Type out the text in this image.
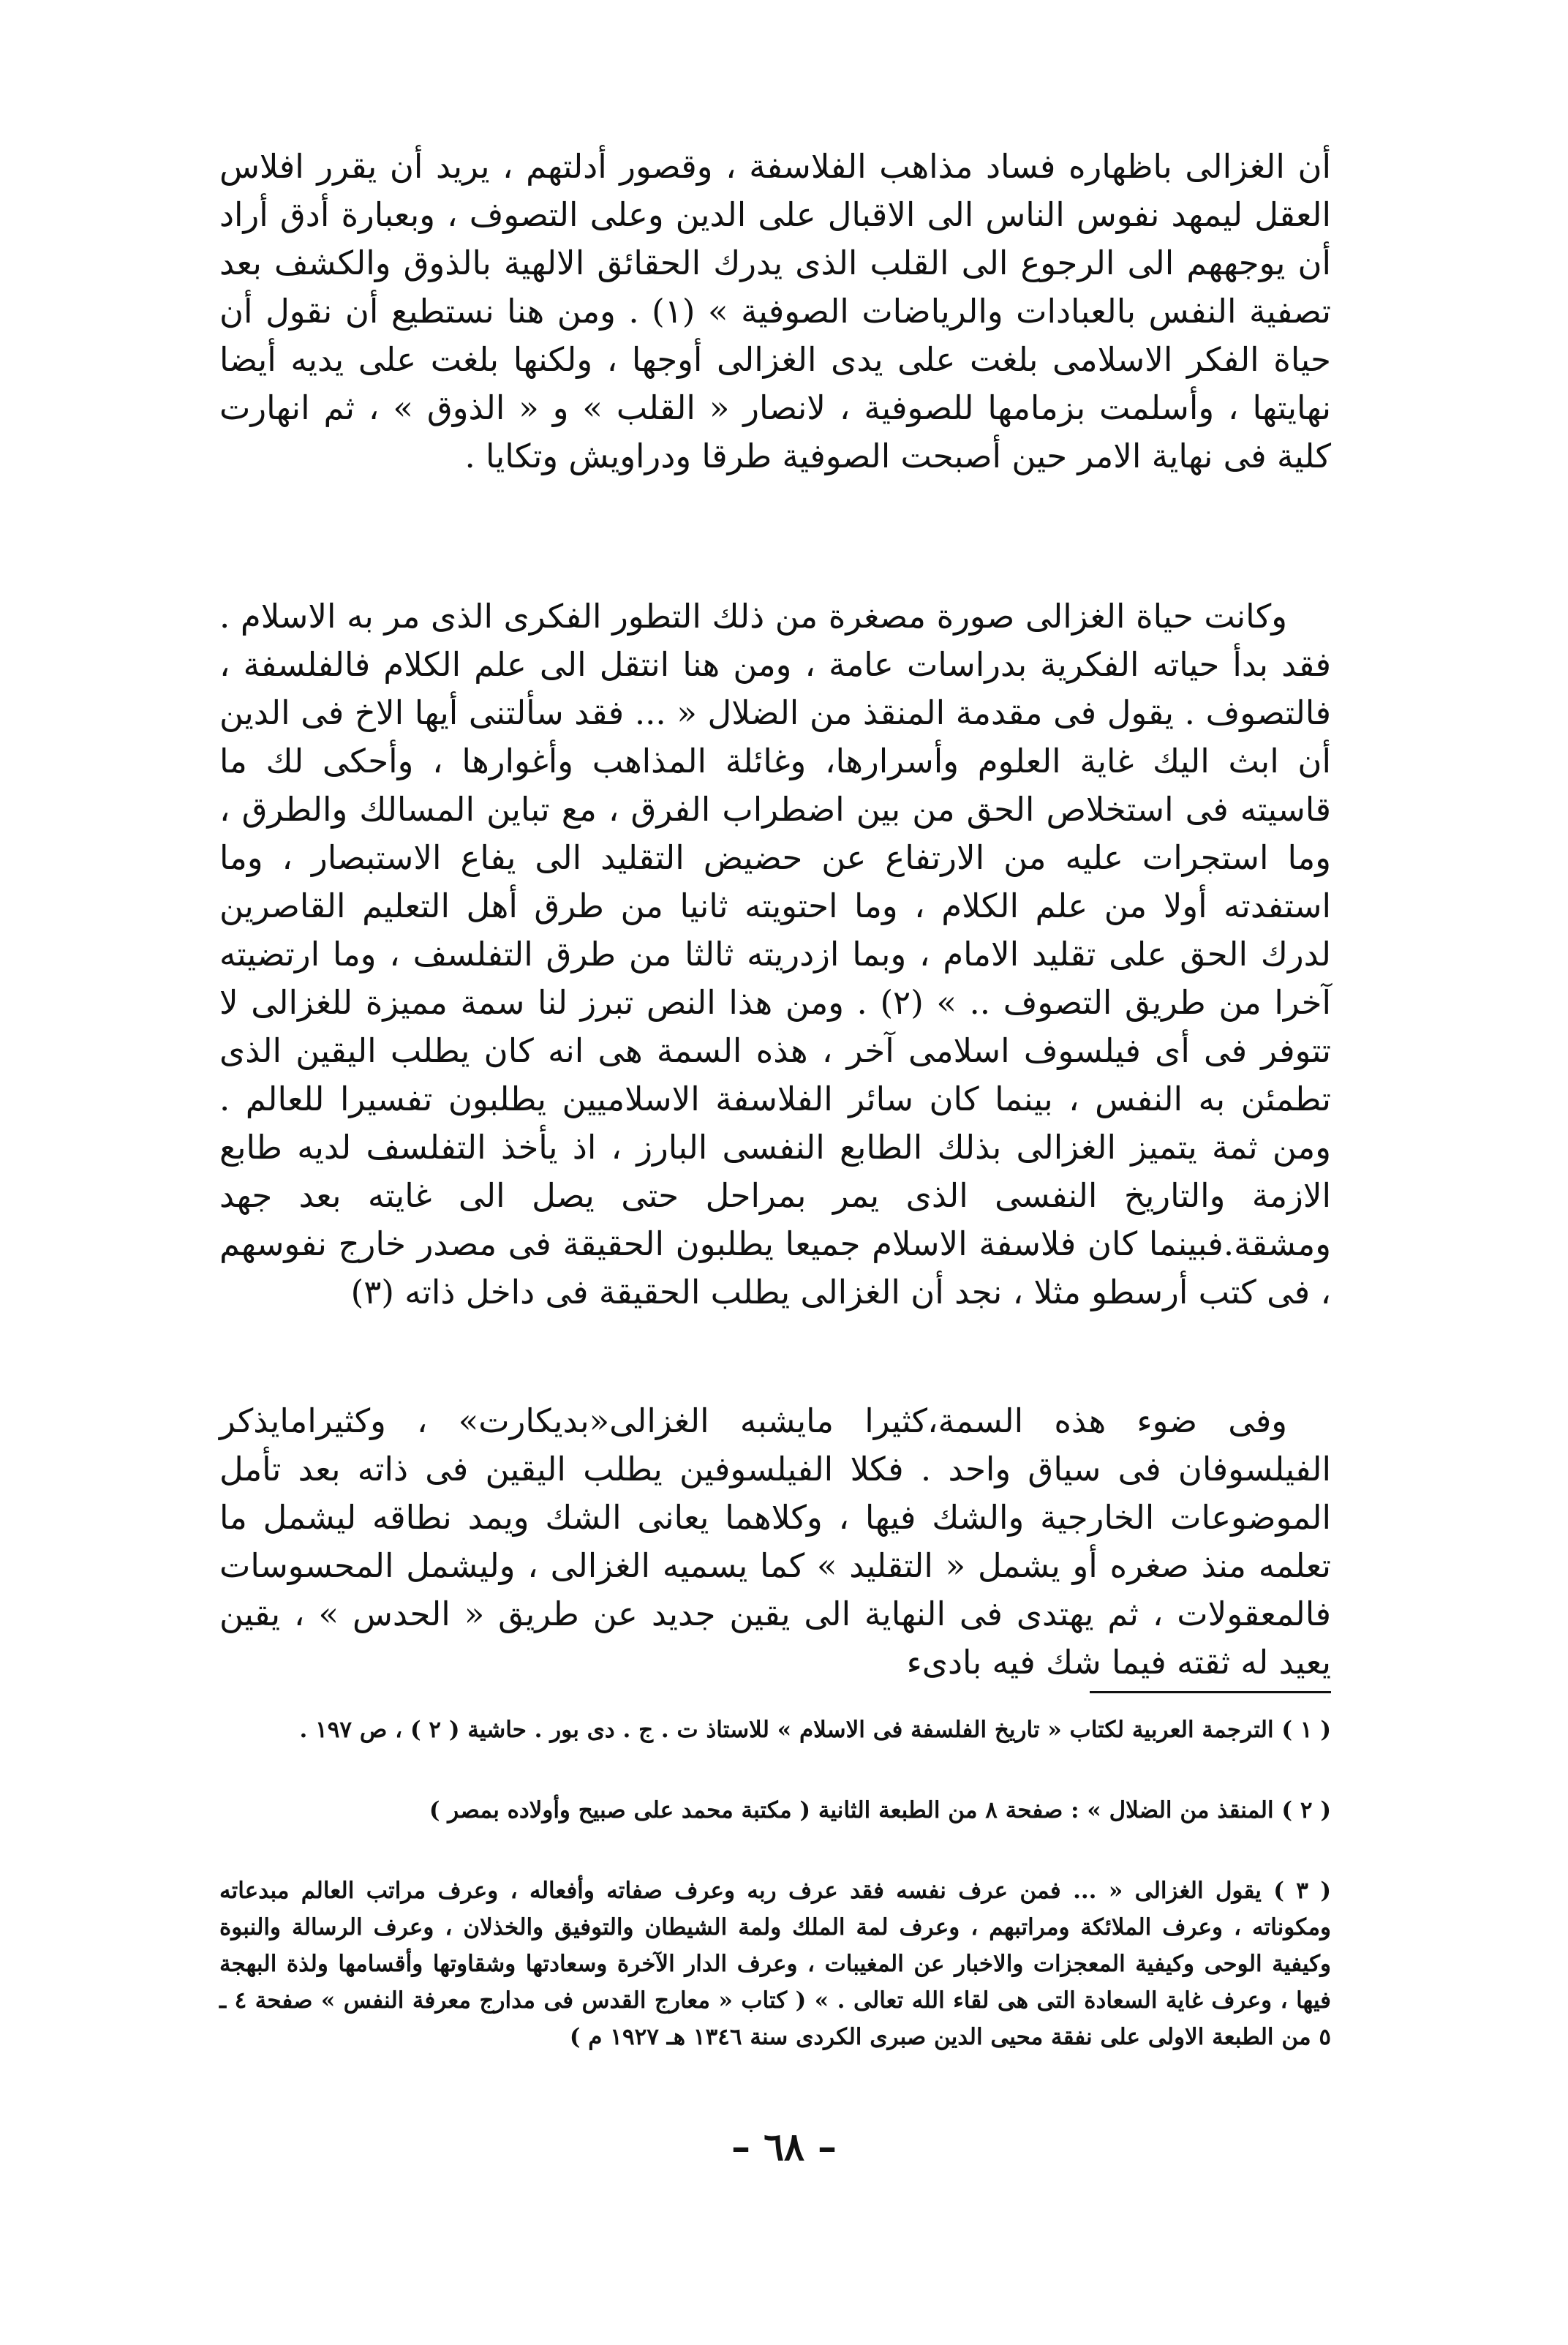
أن الغزالى باظهاره فساد مذاهب الفلاسفة ، وقصور أدلتهم ، يريد أن يقرر افلاس العقل ليمهد نفوس الناس الى الاقبال على الدين وعلى التصوف ، وبعبارة أدق أراد أن يوجههم الى الرجوع الى القلب الذى يدرك الحقائق الالهية بالذوق والكشف بعد تصفية النفس بالعبادات والرياضات الصوفية » (١) . ومن هنا نستطيع أن نقول أن حياة الفكر الاسلامى بلغت على يدى الغزالى أوجها ، ولكنها بلغت على يديه أيضا نهايتها ، وأسلمت بزمامها للصوفية ، لانصار « القلب » و « الذوق » ، ثم انهارت كلية فى نهاية الامر حين أصبحت الصوفية طرقا ودراويش وتكايا .

وكانت حياة الغزالى صورة مصغرة من ذلك التطور الفكرى الذى مر به الاسلام . فقد بدأ حياته الفكرية بدراسات عامة ، ومن هنا انتقل الى علم الكلام فالفلسفة ، فالتصوف . يقول فى مقدمة المنقذ من الضلال « ... فقد سألتنى أيها الاخ فى الدين أن ابث اليك غاية العلوم وأسرارها، وغائلة المذاهب وأغوارها ، وأحكى لك ما قاسيته فى استخلاص الحق من بين اضطراب الفرق ، مع تباين المسالك والطرق ، وما استجرات عليه من الارتفاع عن حضيض التقليد الى يفاع الاستبصار ، وما استفدته أولا من علم الكلام ، وما احتويته ثانيا من طرق أهل التعليم القاصرين لدرك الحق على تقليد الامام ، وبما ازدريته ثالثا من طرق التفلسف ، وما ارتضيته آخرا من طريق التصوف .. » (٢) . ومن هذا النص تبرز لنا سمة مميزة للغزالى لا تتوفر فى أى فيلسوف اسلامى آخر ، هذه السمة هى انه كان يطلب اليقين الذى تطمئن به النفس ، بينما كان سائر الفلاسفة الاسلاميين يطلبون تفسيرا للعالم . ومن ثمة يتميز الغزالى بذلك الطابع النفسى البارز ، اذ يأخذ التفلسف لديه طابع الازمة والتاريخ النفسى الذى يمر بمراحل حتى يصل الى غايته بعد جهد ومشقة.فبينما كان فلاسفة الاسلام جميعا يطلبون الحقيقة فى مصدر خارج نفوسهم ، فى كتب أرسطو مثلا ، نجد أن الغزالى يطلب الحقيقة فى داخل ذاته (٣)

وفى ضوء هذه السمة،كثيرا مايشبه الغزالى«بديكارت» ، وكثيرامايذكر الفيلسوفان فى سياق واحد . فكلا الفيلسوفين يطلب اليقين فى ذاته بعد تأمل الموضوعات الخارجية والشك فيها ، وكلاهما يعانى الشك ويمد نطاقه ليشمل ما تعلمه منذ صغره أو يشمل « التقليد » كما يسميه الغزالى ، وليشمل المحسوسات فالمعقولات ، ثم يهتدى فى النهاية الى يقين جديد عن طريق « الحدس » ، يقين يعيد له ثقته فيما شك فيه بادىء

( ١ ) الترجمة العربية لكتاب « تاريخ الفلسفة فى الاسلام » للاستاذ ت . ج . دى بور . حاشية ( ٢ ) ، ص ١٩٧ .

( ٢ ) المنقذ من الضلال » : صفحة ٨ من الطبعة الثانية ( مكتبة محمد على صبيح وأولاده بمصر )

( ٣ ) يقول الغزالى « ... فمن عرف نفسه فقد عرف ربه وعرف صفاته وأفعاله ، وعرف مراتب العالم مبدعاته ومكوناته ، وعرف الملائكة ومراتبهم ، وعرف لمة الملك ولمة الشيطان والتوفيق والخذلان ، وعرف الرسالة والنبوة وكيفية الوحى وكيفية المعجزات والاخبار عن المغيبات ، وعرف الدار الآخرة وسعادتها وشقاوتها وأقسامها ولذة البهجة فيها ، وعرف غاية السعادة التى هى لقاء الله تعالى . » ( كتاب « معارج القدس فى مدارج معرفة النفس » صفحة ٤ ـ ٥ من الطبعة الاولى على نفقة محيى الدين صبرى الكردى سنة ١٣٤٦ هـ ١٩٢٧ م )

– ٦٨ –
